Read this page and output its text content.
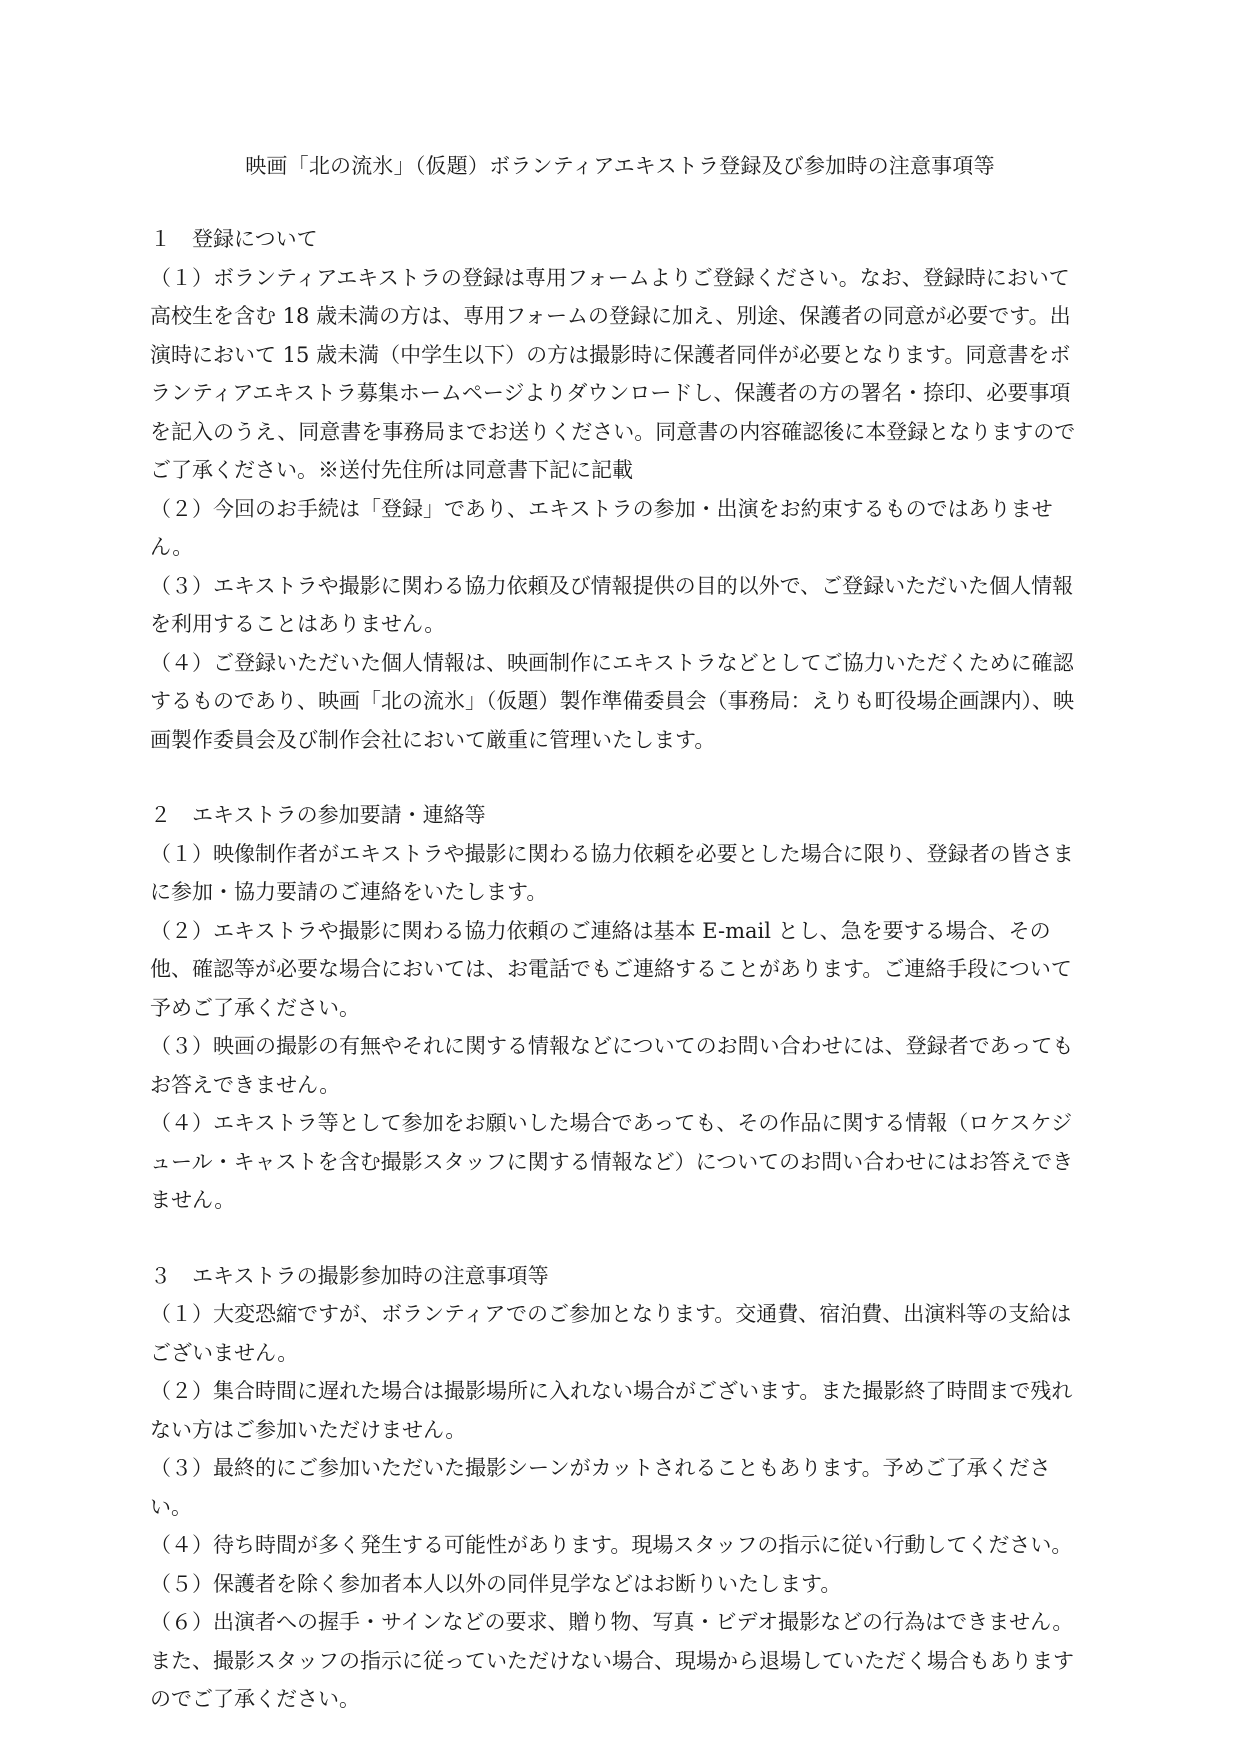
映画「北の流氷」（仮題）ボランティアエキストラ登録及び参加時の注意事項等
１　登録について

（１）ボランティアエキストラの登録は専用フォームよりご登録ください。なお、登録時において高校生を含む 18 歳未満の方は、専用フォームの登録に加え、別途、保護者の同意が必要です。出演時において 15 歳未満（中学生以下）の方は撮影時に保護者同伴が必要となります。同意書をボランティアエキストラ募集ホームページよりダウンロードし、保護者の方の署名・捺印、必要事項を記入のうえ、同意書を事務局までお送りください。同意書の内容確認後に本登録となりますのでご了承ください。※送付先住所は同意書下記に記載

（２）今回のお手続は「登録」であり、エキストラの参加・出演をお約束するものではありません。

（３）エキストラや撮影に関わる協力依頼及び情報提供の目的以外で、ご登録いただいた個人情報を利用することはありません。

（４）ご登録いただいた個人情報は、映画制作にエキストラなどとしてご協力いただくために確認するものであり、映画「北の流氷」（仮題）製作準備委員会（事務局：えりも町役場企画課内）、映画製作委員会及び制作会社において厳重に管理いたします。

２　エキストラの参加要請・連絡等

（１）映像制作者がエキストラや撮影に関わる協力依頼を必要とした場合に限り、登録者の皆さまに参加・協力要請のご連絡をいたします。

（２）エキストラや撮影に関わる協力依頼のご連絡は基本 E-mail とし、急を要する場合、その他、確認等が必要な場合においては、お電話でもご連絡することがあります。ご連絡手段について予めご了承ください。

（３）映画の撮影の有無やそれに関する情報などについてのお問い合わせには、登録者であってもお答えできません。

（４）エキストラ等として参加をお願いした場合であっても、その作品に関する情報（ロケスケジュール・キャストを含む撮影スタッフに関する情報など）についてのお問い合わせにはお答えできません。

３　エキストラの撮影参加時の注意事項等

（１）大変恐縮ですが、ボランティアでのご参加となります。交通費、宿泊費、出演料等の支給はございません。

（２）集合時間に遅れた場合は撮影場所に入れない場合がございます。また撮影終了時間まで残れない方はご参加いただけません。

（３）最終的にご参加いただいた撮影シーンがカットされることもあります。予めご了承ください。

（４）待ち時間が多く発生する可能性があります。現場スタッフの指示に従い行動してください。

（５）保護者を除く参加者本人以外の同伴見学などはお断りいたします。

（６）出演者への握手・サインなどの要求、贈り物、写真・ビデオ撮影などの行為はできません。また、撮影スタッフの指示に従っていただけない場合、現場から退場していただく場合もありますのでご了承ください。
